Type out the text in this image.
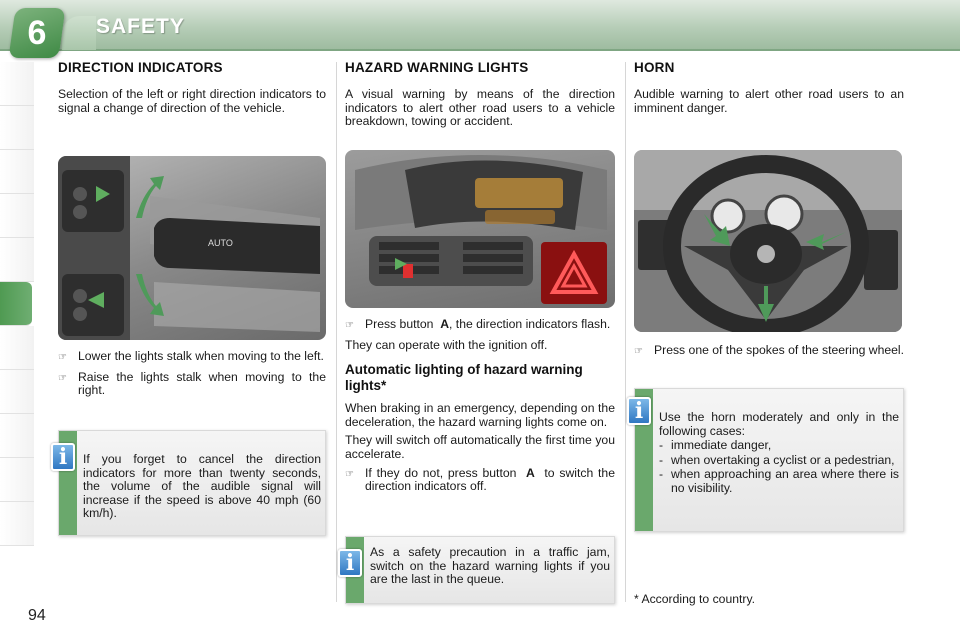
6	SAFETY
94
DIRECTION INDICATORS

Selection of the left or right direction indicators to signal a change of direction of the vehicle.

AUTO
☞ Lower the lights stalk when moving to the left.
☞ Raise the lights stalk when moving to the right.
i	If you forget to cancel the direction indicators for more than twenty seconds, the volume of the audible signal will increase if the speed is above 40 mph (60 km/h).
HAZARD WARNING LIGHTS

A visual warning by means of the direction indicators to alert other road users to a vehicle breakdown, towing or accident.

☞ Press button A, the direction indicators flash.

They can operate with the ignition off.

Automatic lighting of hazard warning lights*

When braking in an emergency, depending on the deceleration, the hazard warning lights come on.

They will switch off automatically the first time you accelerate.

☞ If they do not, press button A to switch the direction indicators off.
i	As a safety precaution in a traffic jam, switch on the hazard warning lights if you are the last in the queue.
HORN

Audible warning to alert other road users to an imminent danger.

☞ Press one of the spokes of the steering wheel.
i	Use the horn moderately and only in the following cases:
- immediate danger,
- when overtaking a cyclist or a pedestrian,
- when approaching an area where there is no visibility.
* According to country.
